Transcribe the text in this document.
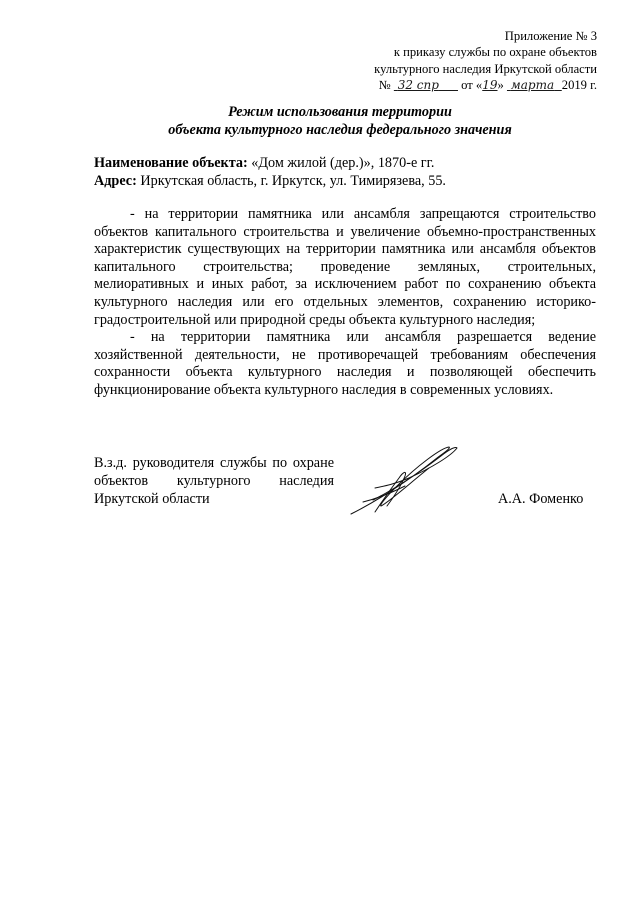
Приложение № 3
к приказу службы по охране объектов
культурного наследия Иркутской области
№ 32 спр от «19» марта 2019 г.
Режим использования территории
объекта культурного наследия федерального значения
Наименование объекта: «Дом жилой (дер.)», 1870-е гг.
Адрес: Иркутская область, г. Иркутск, ул. Тимирязева, 55.

- на территории памятника или ансамбля запрещаются строительство объектов капитального строительства и увеличение объемно-пространственных характеристик существующих на территории памятника или ансамбля объектов капитального строительства; проведение земляных, строительных, мелиоративных и иных работ, за исключением работ по сохранению объекта культурного наследия или его отдельных элементов, сохранению историко-градостроительной или природной среды объекта культурного наследия;

- на территории памятника или ансамбля разрешается ведение хозяйственной деятельности, не противоречащей требованиям обеспечения сохранности объекта культурного наследия и позволяющей обеспечить функционирование объекта культурного наследия в современных условиях.

В.з.д. руководителя службы по охране объектов культурного наследия Иркутской области	А.А. Фоменко
